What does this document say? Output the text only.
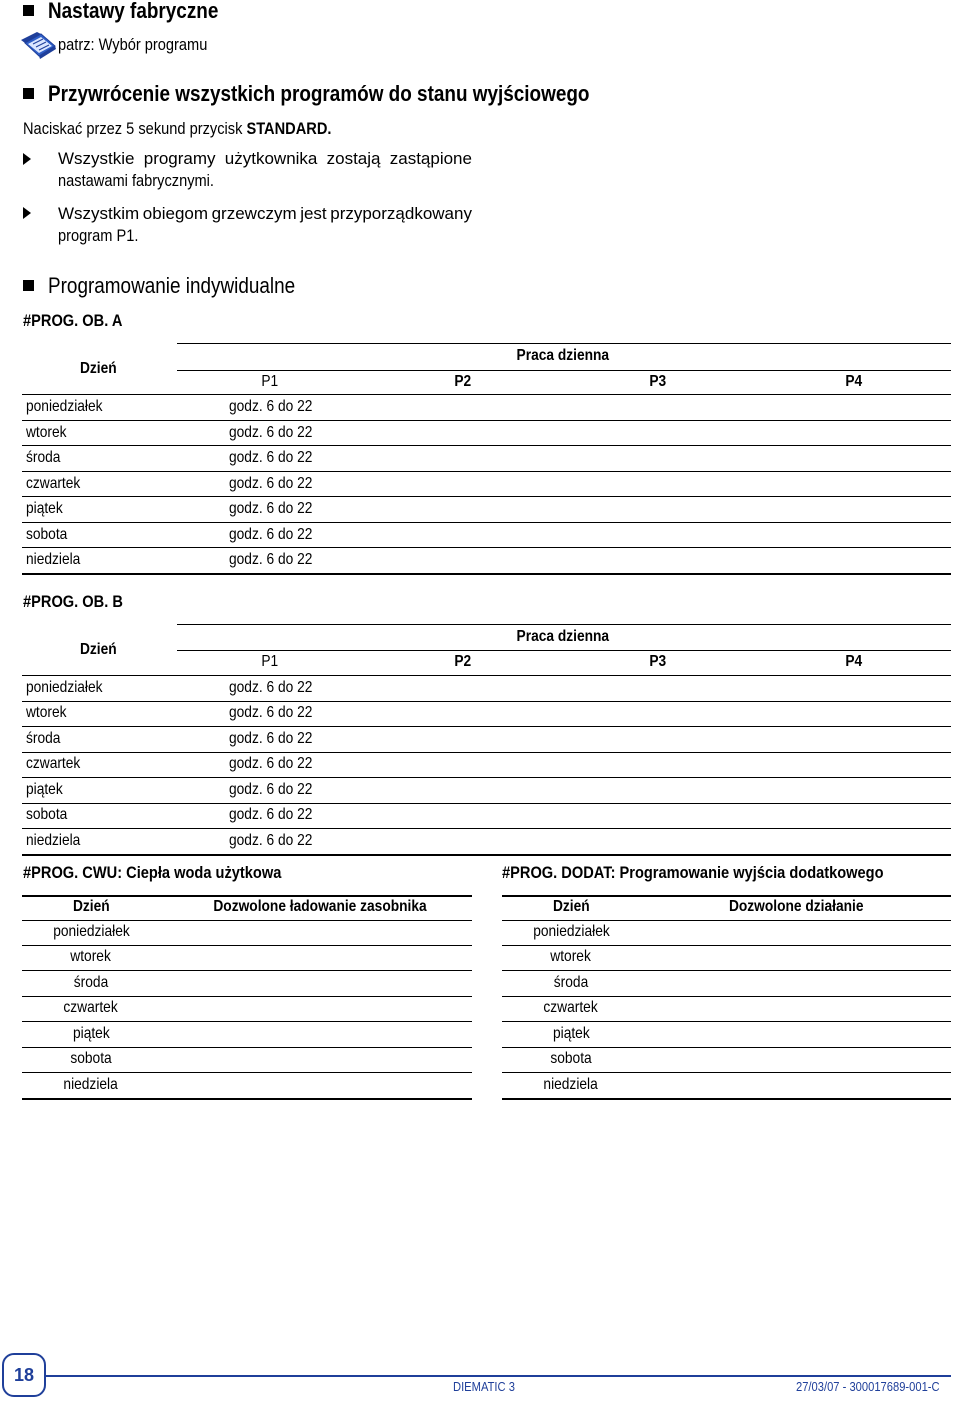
Nastawy fabryczne
patrz: Wybór programu
Przywrócenie wszystkich programów do stanu wyjściowego
Naciskać przez 5 sekund przycisk STANDARD.
Wszystkie programy użytkownika zostają zastąpione
nastawami fabrycznymi.
Wszystkim obiegom grzewczym jest przyporządkowany
program P1.
Programowanie indywidualne
#PROG. OB. A
Dzień
Praca dzienna
P1	P2	P3	P4
poniedziałek	godz. 6 do 22
wtorek	godz. 6 do 22
środa	godz. 6 do 22
czwartek	godz. 6 do 22
piątek	godz. 6 do 22
sobota	godz. 6 do 22
niedziela	godz. 6 do 22
#PROG. OB. B
Dzień
Praca dzienna
P1	P2	P3	P4
poniedziałek	godz. 6 do 22
wtorek	godz. 6 do 22
środa	godz. 6 do 22
czwartek	godz. 6 do 22
piątek	godz. 6 do 22
sobota	godz. 6 do 22
niedziela	godz. 6 do 22
#PROG. CWU: Ciepła woda użytkowa
Dzień	Dozwolone ładowanie zasobnika
poniedziałek
wtorek
środa
czwartek
piątek
sobota
niedziela
#PROG. DODAT: Programowanie wyjścia dodatkowego
Dzień	Dozwolone działanie
poniedziałek
wtorek
środa
czwartek
piątek
sobota
niedziela
18
DIEMATIC 3	27/03/07 - 300017689-001-C
